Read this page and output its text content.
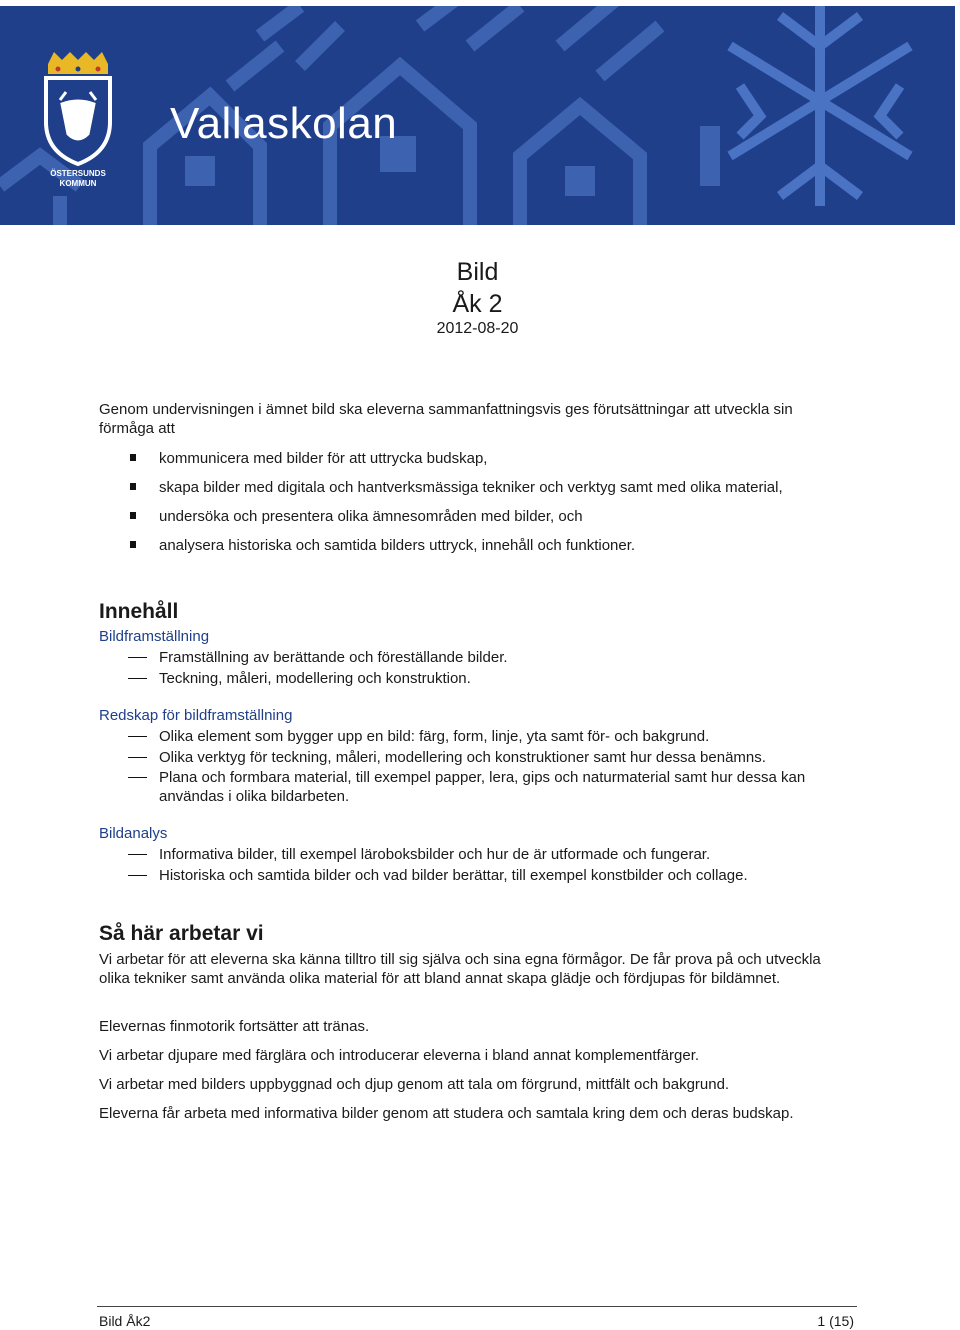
ÖSTERSUNDS
KOMMUN
Vallaskolan
Bild
Åk 2
2012-08-20
Genom undervisningen i ämnet bild ska eleverna sammanfattningsvis ges förutsättningar att utveckla sin förmåga att
kommunicera med bilder för att uttrycka budskap,
skapa bilder med digitala och hantverksmässiga tekniker och verktyg samt med olika material,
undersöka och presentera olika ämnesområden med bilder, och
analysera historiska och samtida bilders uttryck, innehåll och funktioner.
Innehåll
Bildframställning
Framställning av berättande och föreställande bilder.
Teckning, måleri, modellering och konstruktion.
Redskap för bildframställning
Olika element som bygger upp en bild: färg, form, linje, yta samt för- och bakgrund.
Olika verktyg för teckning, måleri, modellering och konstruktioner samt hur dessa benämns.
Plana och formbara material, till exempel papper, lera, gips och naturmaterial samt hur dessa kan användas i olika bildarbeten.
Bildanalys
Informativa bilder, till exempel läroboksbilder och hur de är utformade och fungerar.
Historiska och samtida bilder och vad bilder berättar, till exempel konstbilder och collage.
Så här arbetar vi
Vi arbetar för att eleverna ska känna tilltro till sig själva och sina egna förmågor. De får prova på och utveckla olika tekniker samt använda olika material för att bland annat skapa glädje och fördjupas för bildämnet.
Elevernas finmotorik fortsätter att tränas.
Vi arbetar djupare med färglära och introducerar eleverna i bland annat komplementfärger.
Vi arbetar med bilders uppbyggnad och djup genom att tala om förgrund, mittfält och bakgrund.
Eleverna får arbeta med informativa bilder genom att studera och samtala kring dem och deras budskap.
Bild Åk2	1 (15)
